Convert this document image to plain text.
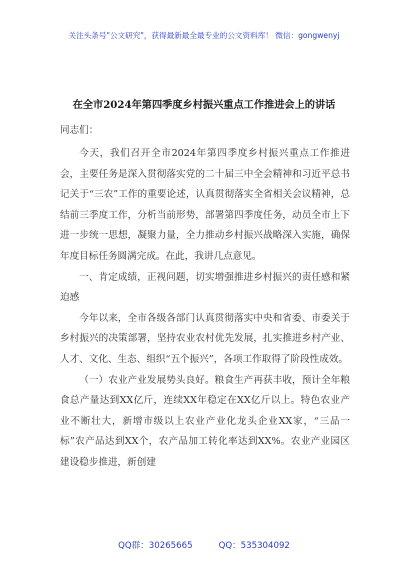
关注头条号"公文研究"，获得最新最全最专业的公文资料库！ 微信：gongwenyj
在全市2024年第四季度乡村振兴重点工作推进会上的讲话

同志们：

今天，我们召开全市2024年第四季度乡村振兴重点工作推进会，主要任务是深入贯彻落实党的二十届三中全会精神和习近平总书记关于“三农”工作的重要论述，认真贯彻落实全省相关会议精神，总结前三季度工作，分析当前形势，部署第四季度任务，动员全市上下进一步统一思想，凝聚力量，全力推动乡村振兴战略深入实施，确保年度目标任务圆满完成。在此，我讲几点意见。

一、肯定成绩，正视问题，切实增强推进乡村振兴的责任感和紧迫感

今年以来，全市各级各部门认真贯彻落实中央和省委、市委关于乡村振兴的决策部署，坚持农业农村优先发展，扎实推进乡村产业、人才、文化、生态、组织“五个振兴”，各项工作取得了阶段性成效。

（一）农业产业发展势头良好。粮食生产再获丰收，预计全年粮食总产量达到XX亿斤，连续XX年稳定在XX亿斤以上。特色农业产业不断壮大，新增市级以上农业产业化龙头企业XX家，“三品一标”农产品达到XX个，农产品加工转化率达到XX%。农业产业园区建设稳步推进，新创建

QQ群：30265665	QQ：535304092
